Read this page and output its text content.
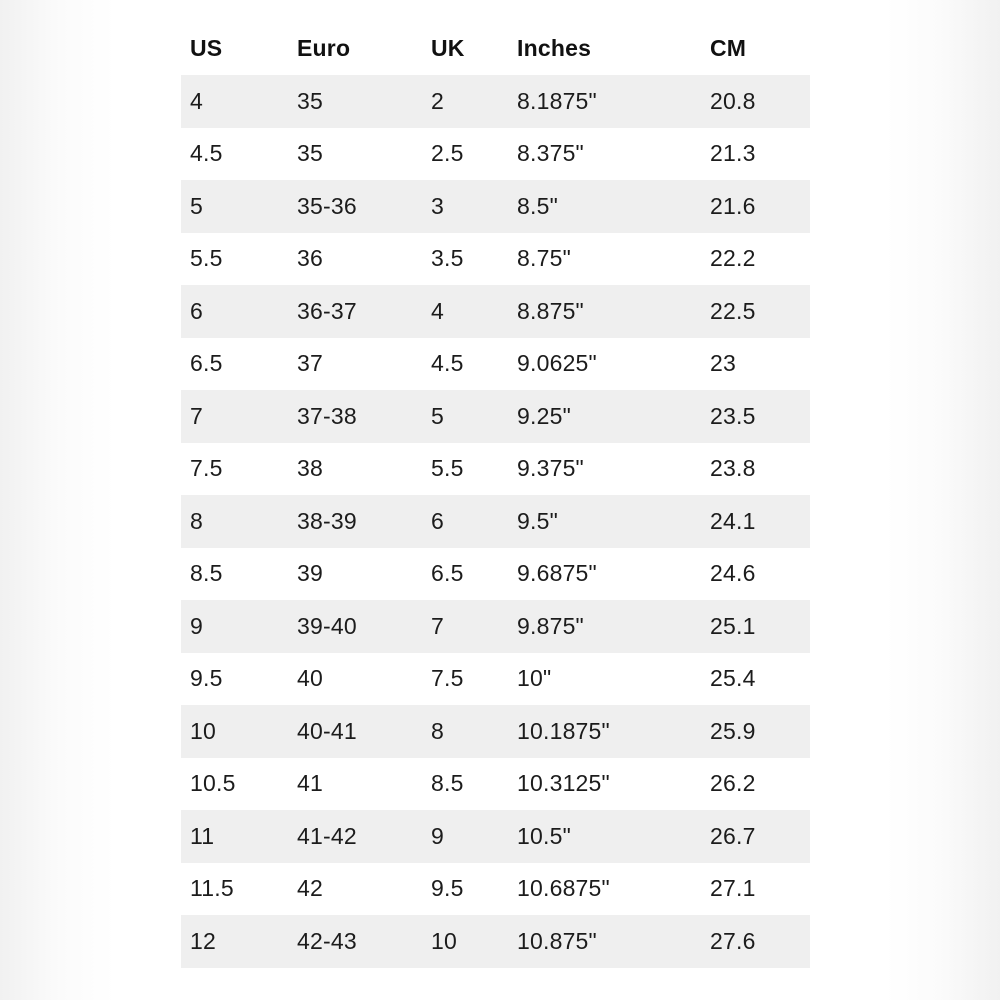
US	Euro	UK	Inches	CM
4	35	2	8.1875"	20.8
4.5	35	2.5	8.375"	21.3
5	35-36	3	8.5"	21.6
5.5	36	3.5	8.75"	22.2
6	36-37	4	8.875"	22.5
6.5	37	4.5	9.0625"	23
7	37-38	5	9.25"	23.5
7.5	38	5.5	9.375"	23.8
8	38-39	6	9.5"	24.1
8.5	39	6.5	9.6875"	24.6
9	39-40	7	9.875"	25.1
9.5	40	7.5	10"	25.4
10	40-41	8	10.1875"	25.9
10.5	41	8.5	10.3125"	26.2
11	41-42	9	10.5"	26.7
11.5	42	9.5	10.6875"	27.1
12	42-43	10	10.875"	27.6
